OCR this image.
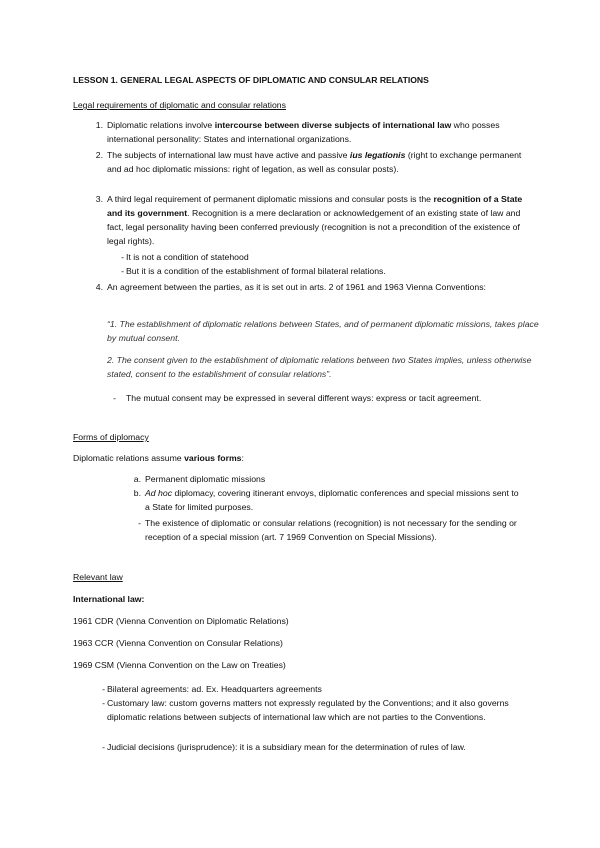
LESSON 1. GENERAL LEGAL ASPECTS OF DIPLOMATIC AND CONSULAR RELATIONS
Legal requirements of diplomatic and consular relations
1. Diplomatic relations involve intercourse between diverse subjects of international law who posses international personality: States and international organizations.
2. The subjects of international law must have active and passive ius legationis (right to exchange permanent and ad hoc diplomatic missions: right of legation, as well as consular posts).
3. A third legal requirement of permanent diplomatic missions and consular posts is the recognition of a State and its government. Recognition is a mere declaration or acknowledgement of an existing state of law and fact, legal personality having been conferred previously (recognition is not a precondition of the existence of legal rights).
- It is not a condition of statehood
- But it is a condition of the establishment of formal bilateral relations.
4. An agreement between the parties, as it is set out in arts. 2 of 1961 and 1963 Vienna Conventions:
“1. The establishment of diplomatic relations between States, and of permanent diplomatic missions, takes place by mutual consent.
2. The consent given to the establishment of diplomatic relations between two States implies, unless otherwise stated, consent to the establishment of consular relations”.
- The mutual consent may be expressed in several different ways: express or tacit agreement.
Forms of diplomacy
Diplomatic relations assume various forms:
a. Permanent diplomatic missions
b. Ad hoc diplomacy, covering itinerant envoys, diplomatic conferences and special missions sent to a State for limited purposes.
- The existence of diplomatic or consular relations (recognition) is not necessary for the sending or reception of a special mission (art. 7 1969 Convention on Special Missions).
Relevant law
International law:
1961 CDR (Vienna Convention on Diplomatic Relations)
1963 CCR (Vienna Convention on Consular Relations)
1969 CSM (Vienna Convention on the Law on Treaties)
- Bilateral agreements: ad. Ex. Headquarters agreements
- Customary law: custom governs matters not expressly regulated by the Conventions; and it also governs diplomatic relations between subjects of international law which are not parties to the Conventions.
- Judicial decisions (jurisprudence): it is a subsidiary mean for the determination of rules of law.
